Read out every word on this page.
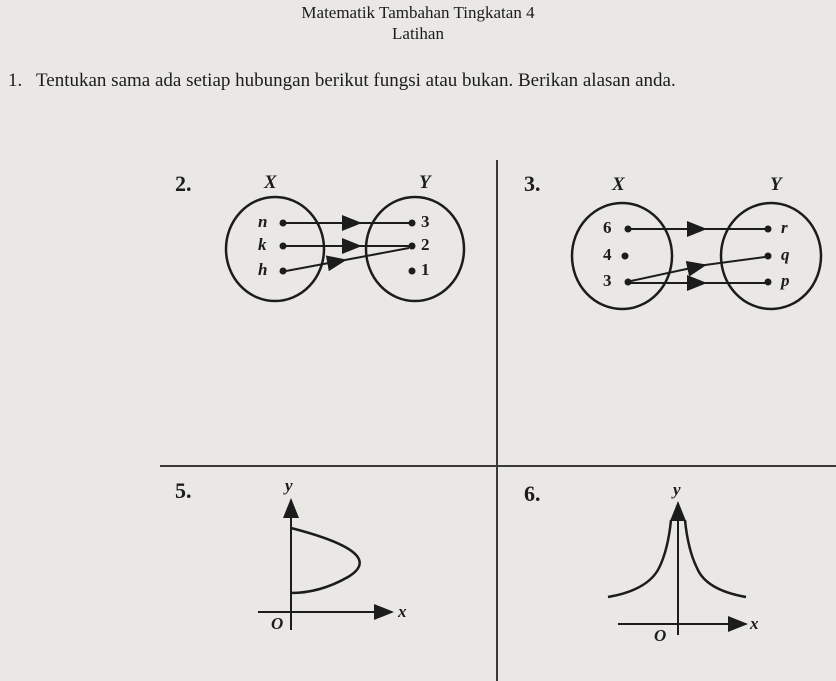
Matematik Tambahan Tingkatan 4
Latihan
1. Tentukan sama ada setiap hubungan berikut fungsi atau bukan. Berikan alasan anda.
2.	X	Y
n
k
h
3
2
1
3.	X	Y
6
4
3
r
q
p
5.	y
x
O
6.	y
x
O
